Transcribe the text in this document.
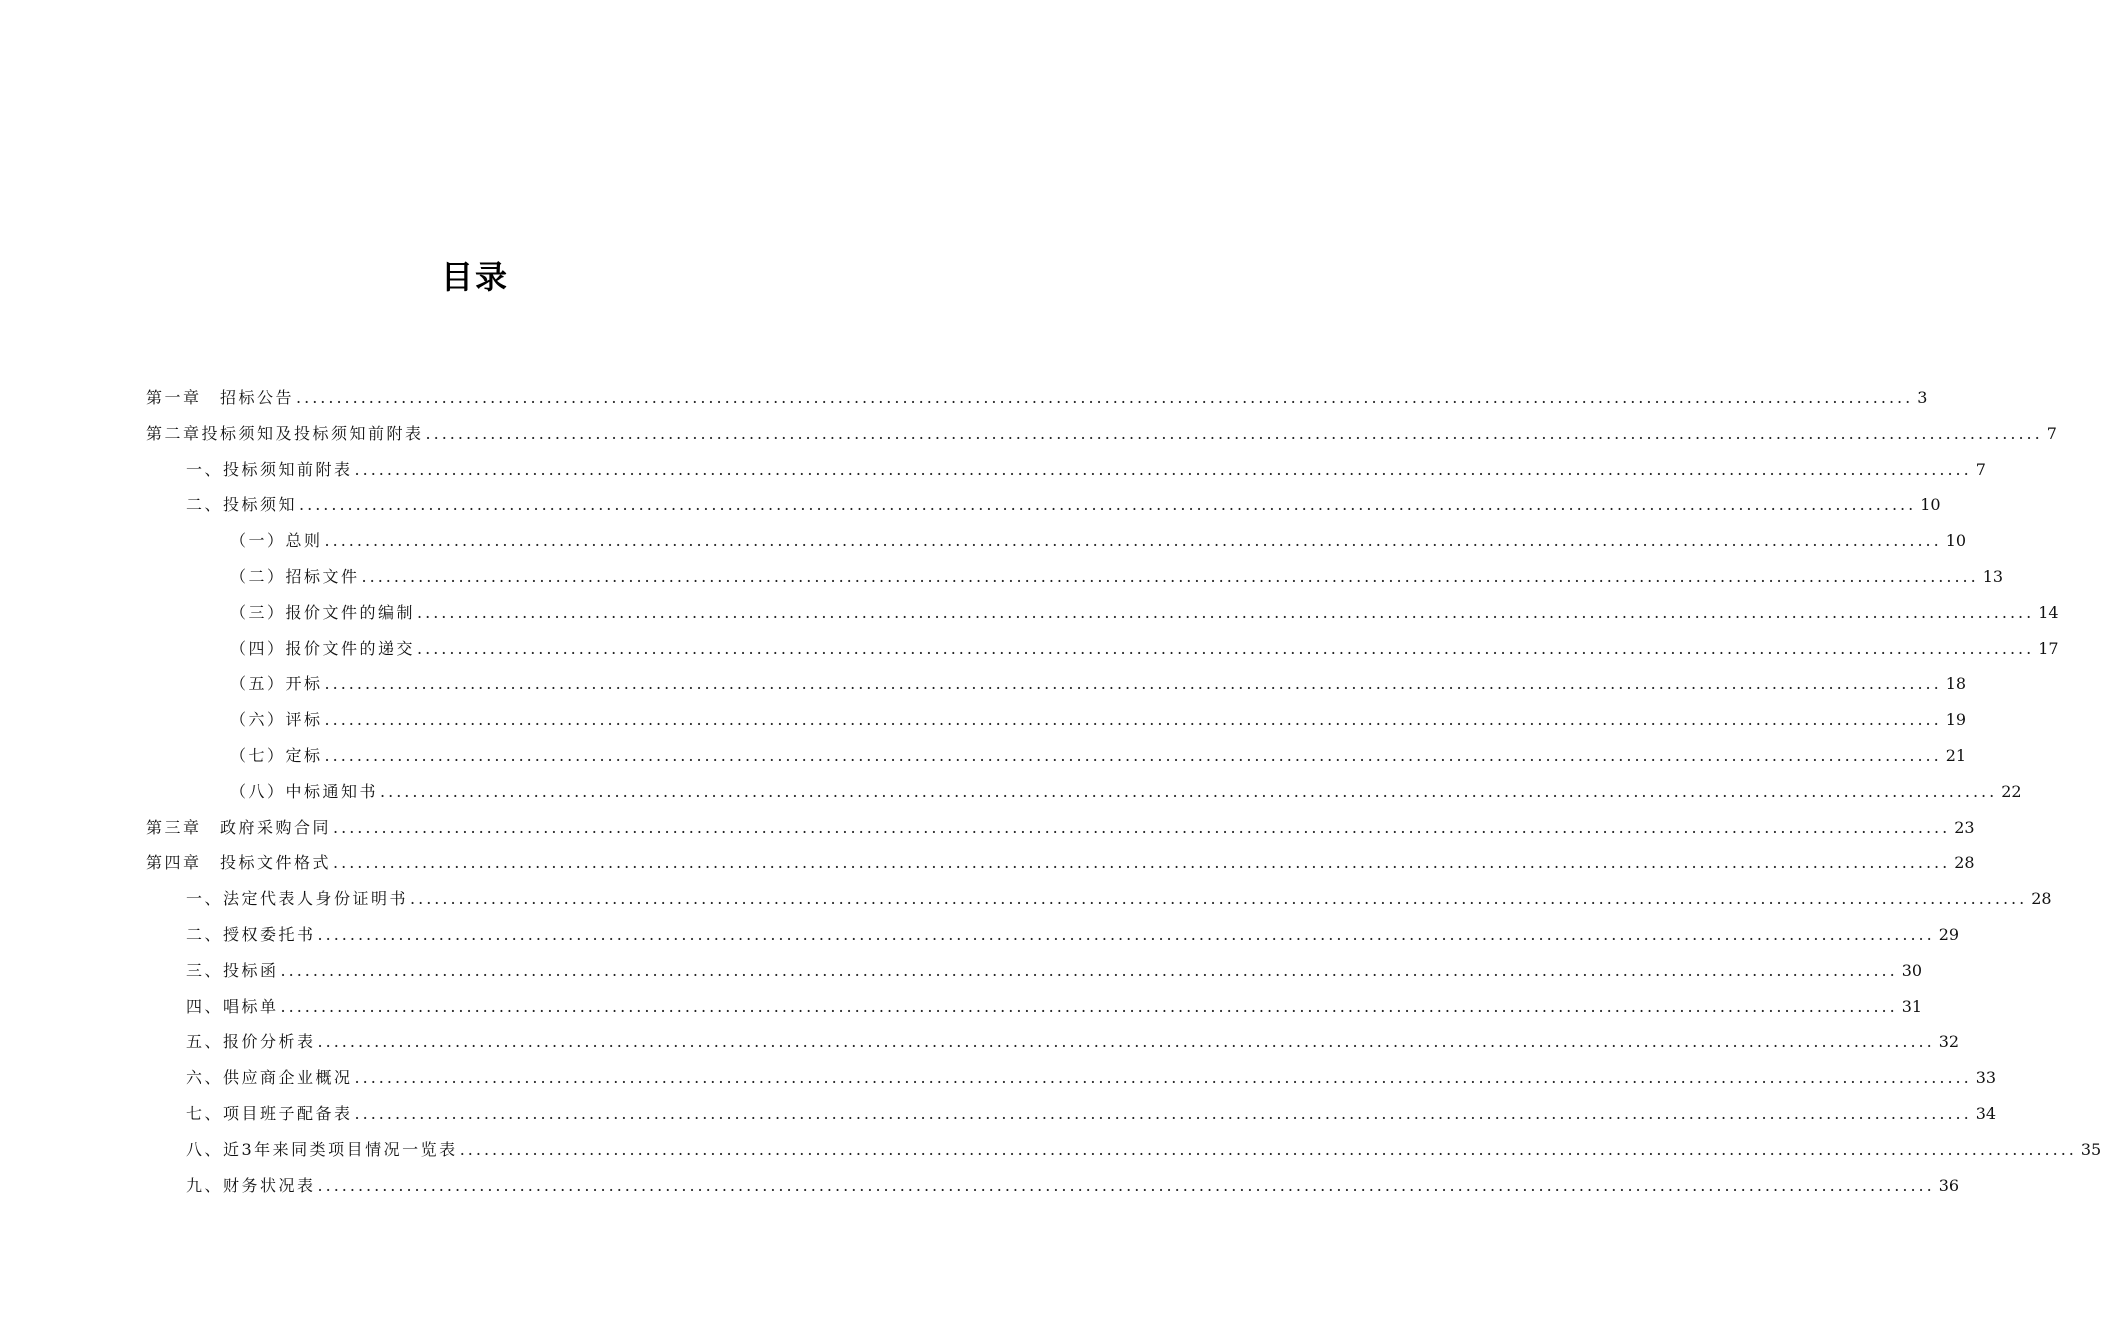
目录
第一章　招标公告 ........................................................................................................................................................................................................ 3
第二章投标须知及投标须知前附表 ........................................................................................................................................................................................................ 7
一、投标须知前附表 ........................................................................................................................................................................................................ 7
二、投标须知 ........................................................................................................................................................................................................ 10
（一）总则 ........................................................................................................................................................................................................ 10
（二）招标文件 ........................................................................................................................................................................................................ 13
（三）报价文件的编制 ........................................................................................................................................................................................................ 14
（四）报价文件的递交 ........................................................................................................................................................................................................ 17
（五）开标 ........................................................................................................................................................................................................ 18
（六）评标 ........................................................................................................................................................................................................ 19
（七）定标 ........................................................................................................................................................................................................ 21
（八）中标通知书 ........................................................................................................................................................................................................ 22
第三章　政府采购合同 ........................................................................................................................................................................................................ 23
第四章　投标文件格式 ........................................................................................................................................................................................................ 28
一、法定代表人身份证明书 ........................................................................................................................................................................................................ 28
二、授权委托书 ........................................................................................................................................................................................................ 29
三、投标函 ........................................................................................................................................................................................................ 30
四、唱标单 ........................................................................................................................................................................................................ 31
五、报价分析表 ........................................................................................................................................................................................................ 32
六、供应商企业概况 ........................................................................................................................................................................................................ 33
七、项目班子配备表 ........................................................................................................................................................................................................ 34
八、近3年来同类项目情况一览表 ........................................................................................................................................................................................................ 35
九、财务状况表 ........................................................................................................................................................................................................ 36
